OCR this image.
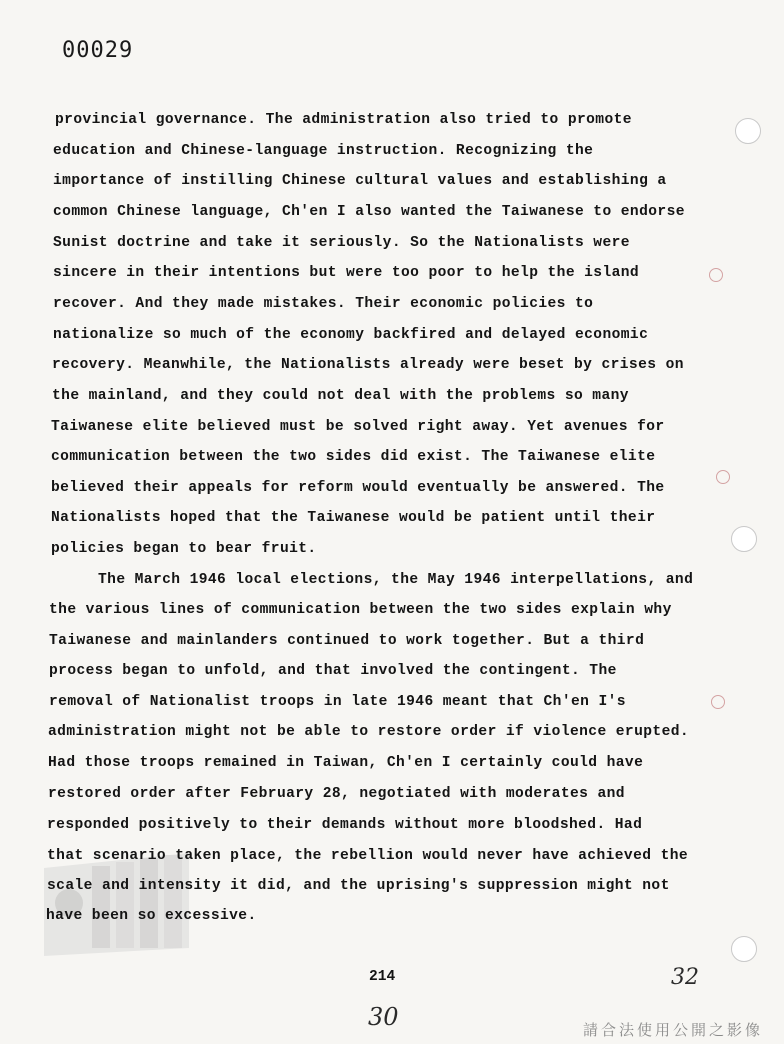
00029
provincial governance. The administration also tried to promote
education and Chinese-language instruction. Recognizing the
importance of instilling Chinese cultural values and establishing a
common Chinese language, Ch'en I also wanted the Taiwanese to endorse
Sunist doctrine and take it seriously. So the Nationalists were
sincere in their intentions but were too poor to help the island
recover. And they made mistakes. Their economic policies to
nationalize so much of the economy backfired and delayed economic
recovery. Meanwhile, the Nationalists already were beset by crises on
the mainland, and they could not deal with the problems so many
Taiwanese elite believed must be solved right away. Yet avenues for
communication between the two sides did exist. The Taiwanese elite
believed their appeals for reform would eventually be answered. The
Nationalists hoped that the Taiwanese would be patient until their
policies began to bear fruit.
The March 1946 local elections, the May 1946 interpellations, and
the various lines of communication between the two sides explain why
Taiwanese and mainlanders continued to work together. But a third
process began to unfold, and that involved the contingent. The
removal of Nationalist troops in late 1946 meant that Ch'en I's
administration might not be able to restore order if violence erupted.
Had those troops remained in Taiwan, Ch'en I certainly could have
restored order after February 28, negotiated with moderates and
responded positively to their demands without more bloodshed. Had
that scenario taken place, the rebellion would never have achieved the
scale and intensity it did, and the uprising's suppression might not
have been so excessive.
214	32
30	請合法使用公開之影像
